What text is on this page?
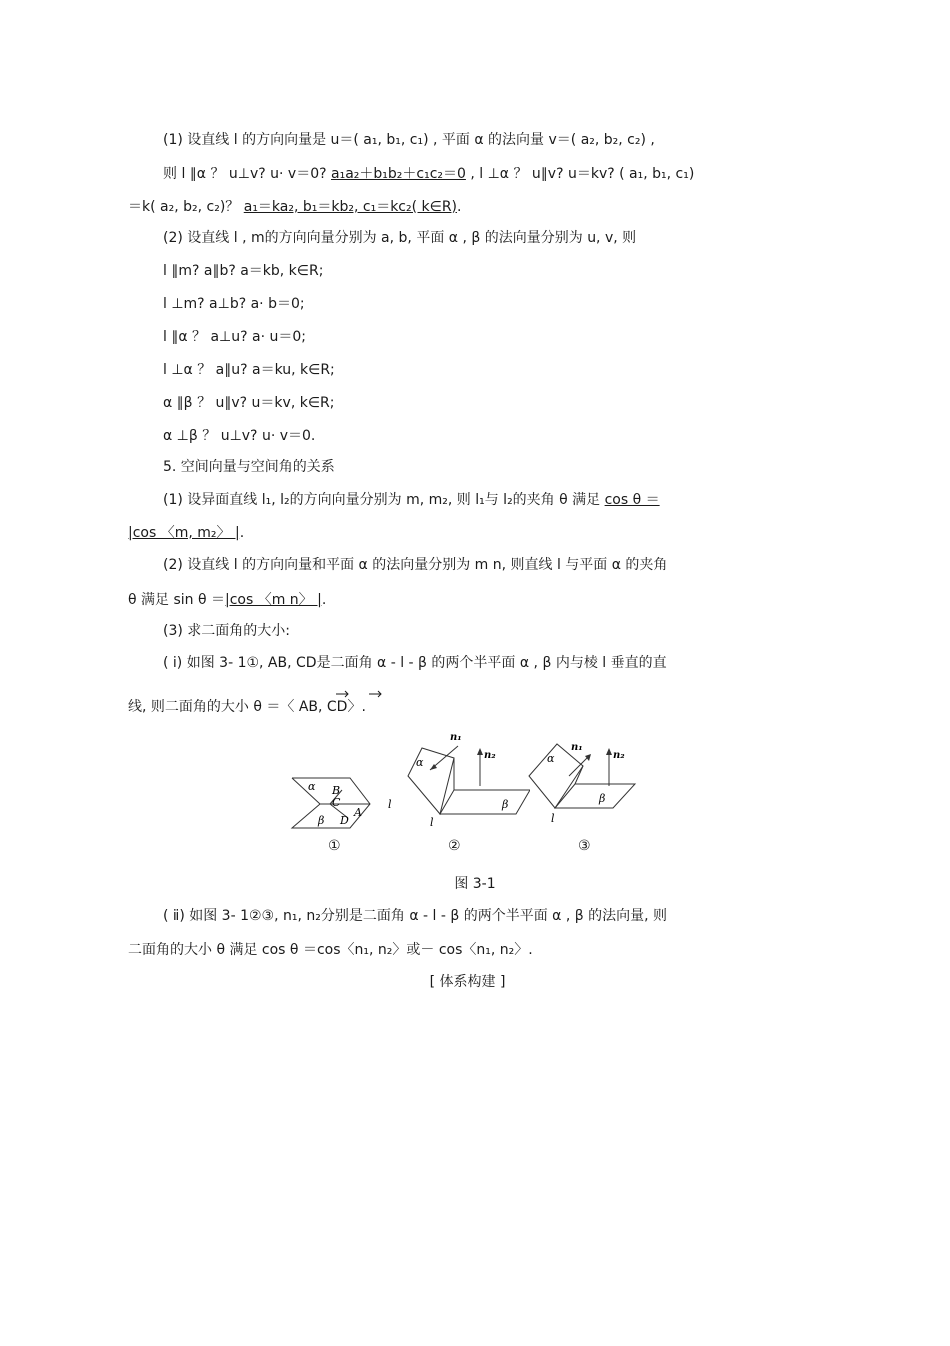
(1) 设直线 l 的方向向量是 u＝( a₁, b₁, c₁) , 平面 α 的法向量 v＝( a₂, b₂, c₂) ,
则 l ∥α ？ u⊥v? u· v＝0? a₁a₂＋b₁b₂＋c₁c₂＝0 , l ⊥α ？ u∥v? u＝kv? ( a₁, b₁, c₁)
＝k( a₂, b₂, c₂)？ a₁＝ka₂, b₁＝kb₂, c₁＝kc₂( k∈R).
(2) 设直线 l , m的方向向量分别为 a, b, 平面 α , β 的法向量分别为 u, v, 则
l ∥m? a∥b? a＝kb, k∈R;
l ⊥m? a⊥b? a· b＝0;
l ∥α ？ a⊥u? a· u＝0;
l ⊥α ？ a∥u? a＝ku, k∈R;
α ∥β ？ u∥v? u＝kv, k∈R;
α ⊥β ？ u⊥v? u· v＝0.
5. 空间向量与空间角的关系
(1) 设异面直线 l₁, l₂的方向向量分别为 m, m₂, 则 l₁与 l₂的夹角 θ 满足 cos θ ＝
|cos 〈m, m₂〉 |.
(2) 设直线 l 的方向向量和平面 α 的法向量分别为 m n, 则直线 l 与平面 α 的夹角
θ 满足 sin θ ＝|cos 〈m n〉 |.
(3) 求二面角的大小:
( ⅰ) 如图 3- 1①, AB, CD是二面角 α - l - β 的两个半平面 α , β 内与棱 l 垂直的直
线, 则二面角的大小 θ ＝〈 AB, CD〉.
α B
C
A
D
β
l
n₁
n₂
α
β
l
n₁
n₂
α
β
l
①	②	③
图 3-1
( ⅱ) 如图 3- 1②③, n₁, n₂分别是二面角 α - l - β 的两个半平面 α , β 的法向量, 则
二面角的大小 θ 满足 cos θ ＝cos〈n₁, n₂〉或－ cos〈n₁, n₂〉.
[ 体系构建 ]
